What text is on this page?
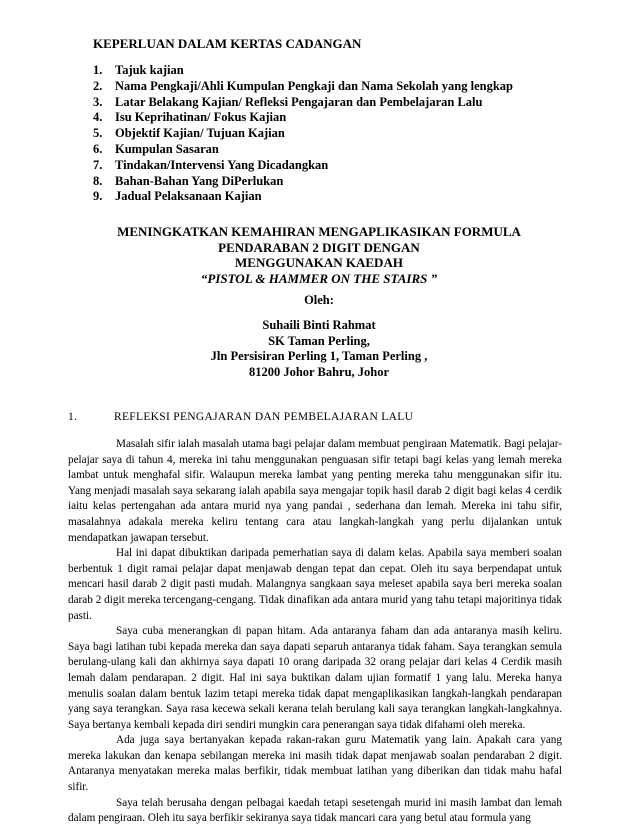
KEPERLUAN DALAM KERTAS CADANGAN
1.	Tajuk kajian
2.	Nama Pengkaji/Ahli Kumpulan Pengkaji dan Nama Sekolah yang lengkap
3.	Latar Belakang Kajian/ Refleksi Pengajaran dan Pembelajaran Lalu
4.	Isu Keprihatinan/ Fokus Kajian
5.	Objektif Kajian/ Tujuan Kajian
6.	Kumpulan Sasaran
7.	Tindakan/Intervensi Yang Dicadangkan
8.	Bahan-Bahan Yang DiPerlukan
9.	Jadual Pelaksanaan Kajian
MENINGKATKAN KEMAHIRAN MENGAPLIKASIKAN FORMULA
PENDARABAN 2 DIGIT DENGAN
MENGGUNAKAN KAEDAH
“PISTOL & HAMMER ON THE STAIRS ”
Oleh:
Suhaili Binti Rahmat
SK Taman Perling,
Jln Persisiran Perling 1, Taman Perling ,
81200 Johor Bahru, Johor
1.	REFLEKSI PENGAJARAN DAN PEMBELAJARAN LALU

Masalah sifir ialah masalah utama bagi pelajar dalam membuat pengiraan Matematik. Bagi pelajar-pelajar saya di tahun 4, mereka ini tahu menggunakan penguasan sifir tetapi bagi kelas yang lemah mereka lambat untuk menghafal sifir. Walaupun mereka lambat yang penting mereka tahu menggunakan sifir itu. Yang menjadi masalah saya sekarang ialah apabila saya mengajar topik hasil darab 2 digit bagi kelas 4 cerdik iaitu kelas pertengahan ada antara murid nya yang pandai , sederhana dan lemah. Mereka ini tahu sifir, masalahnya adakala mereka keliru tentang cara atau langkah-langkah yang perlu dijalankan untuk mendapatkan jawapan tersebut.

Hal ini dapat dibuktikan daripada pemerhatian saya di dalam kelas. Apabila saya memberi soalan berbentuk 1 digit ramai pelajar dapat menjawab dengan tepat dan cepat. Oleh itu saya berpendapat untuk mencari hasil darab 2 digit pasti mudah. Malangnya sangkaan saya meleset apabila saya beri mereka soalan darab 2 digit mereka tercengang-cengang. Tidak dinafikan ada antara murid yang tahu tetapi majoritinya tidak pasti.

Saya cuba menerangkan di papan hitam. Ada antaranya faham dan ada antaranya masih keliru. Saya bagi latihan tubi kepada mereka dan saya dapati separuh antaranya tidak faham. Saya terangkan semula berulang-ulang kali dan akhirnya saya dapati 10 orang daripada 32 orang pelajar dari kelas 4 Cerdik masih lemah dalam pendarapan. 2 digit. Hal ini saya buktikan dalam ujian formatif 1 yang lalu. Mereka hanya menulis soalan dalam bentuk lazim tetapi mereka tidak dapat mengaplikasikan langkah-langkah pendarapan yang saya terangkan. Saya rasa kecewa sekali kerana telah berulang kali saya terangkan langkah-langkahnya. Saya bertanya kembali kepada diri sendiri mungkin cara penerangan saya tidak difahami oleh mereka.

Ada juga saya bertanyakan kepada rakan-rakan guru Matematik yang lain. Apakah cara yang mereka lakukan dan kenapa sebilangan mereka ini masih tidak dapat menjawab soalan pendaraban 2 digit. Antaranya menyatakan mereka malas berfikir, tidak membuat latihan yang diberikan dan tidak mahu hafal sifir.

Saya telah berusaha dengan pelbagai kaedah tetapi sesetengah murid ini masih lambat dan lemah dalam pengiraan. Oleh itu saya berfikir sekiranya saya tidak mancari cara yang betul atau formula yang
